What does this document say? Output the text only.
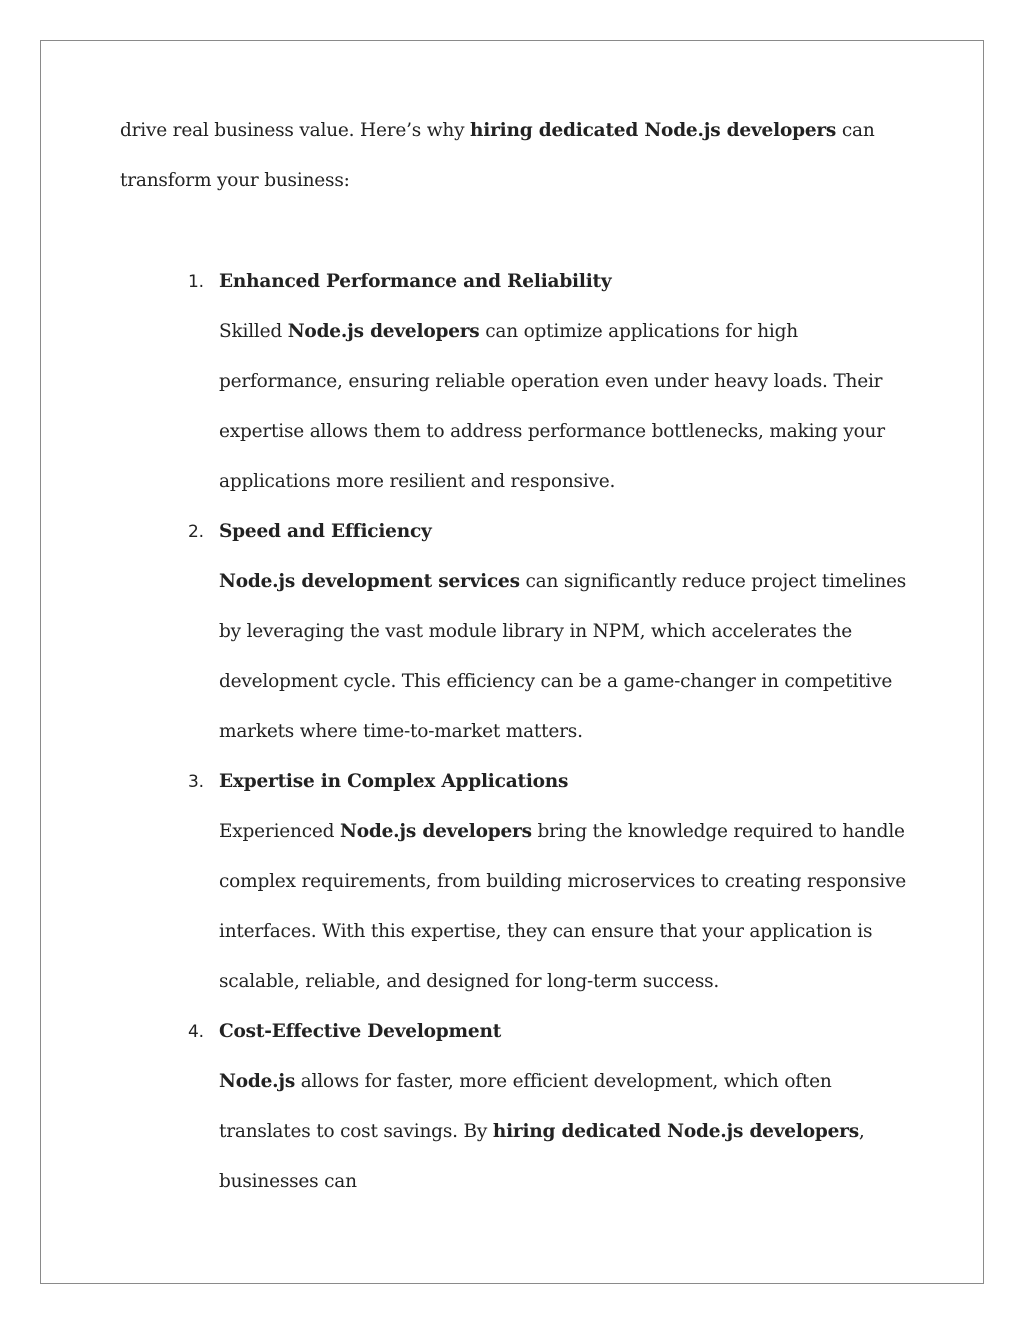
drive real business value. Here’s why hiring dedicated Node.js developers can transform your business:

1. Enhanced Performance and Reliability

Skilled Node.js developers can optimize applications for high performance, ensuring reliable operation even under heavy loads. Their expertise allows them to address performance bottlenecks, making your applications more resilient and responsive.

2. Speed and Efficiency

Node.js development services can significantly reduce project timelines by leveraging the vast module library in NPM, which accelerates the development cycle. This efficiency can be a game-changer in competitive markets where time-to-market matters.

3. Expertise in Complex Applications

Experienced Node.js developers bring the knowledge required to handle complex requirements, from building microservices to creating responsive interfaces. With this expertise, they can ensure that your application is scalable, reliable, and designed for long-term success.

4. Cost-Effective Development

Node.js allows for faster, more efficient development, which often translates to cost savings. By hiring dedicated Node.js developers, businesses can
